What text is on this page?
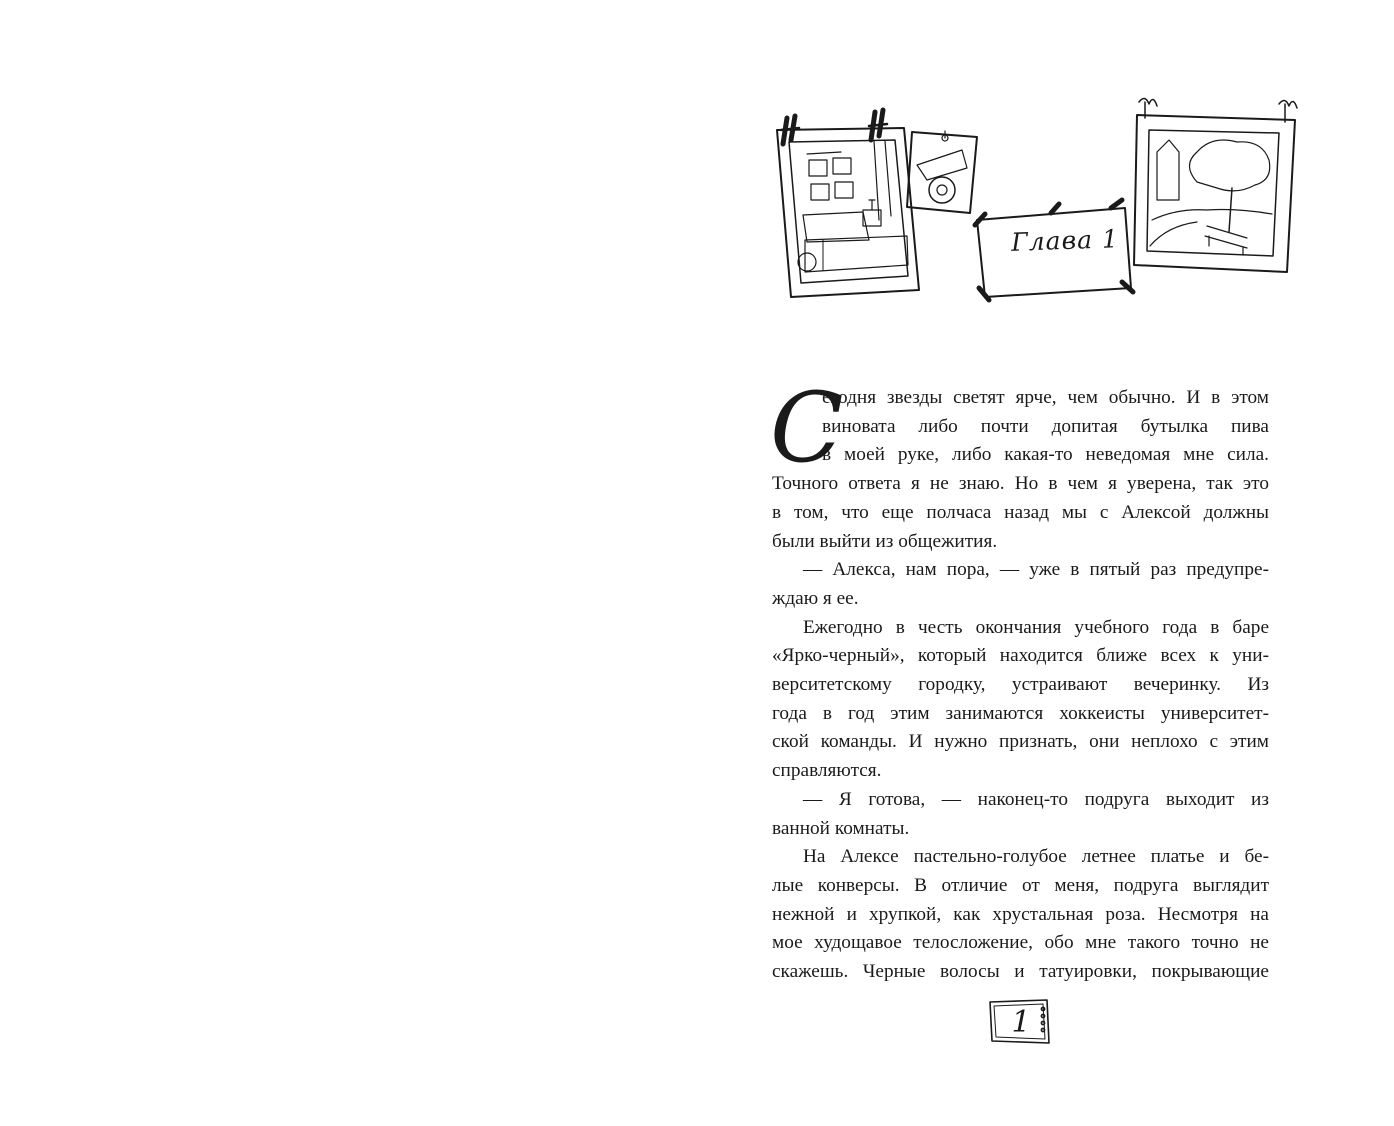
Глава 1
С
егодня звезды светят ярче, чем обычно. И в этом
виновата либо почти допитая бутылка пива
в моей руке, либо какая-то неведомая мне сила.
Точного ответа я не знаю. Но в чем я уверена, так это
в том, что еще полчаса назад мы с Алексой должны
были выйти из общежития.
— Алекса, нам пора, — уже в пятый раз предупре-
ждаю я ее.
Ежегодно в честь окончания учебного года в баре
«Ярко-черный», который находится ближе всех к уни-
верситетскому городку, устраивают вечеринку. Из
года в год этим занимаются хоккеисты университет-
ской команды. И нужно признать, они неплохо с этим
справляются.
— Я готова, — наконец-то подруга выходит из
ванной комнаты.
На Алексе пастельно-голубое летнее платье и бе-
лые конверсы. В отличие от меня, подруга выглядит
нежной и хрупкой, как хрустальная роза. Несмотря на
мое худощавое телосложение, обо мне такого точно не
скажешь. Черные волосы и татуировки, покрывающие
1
